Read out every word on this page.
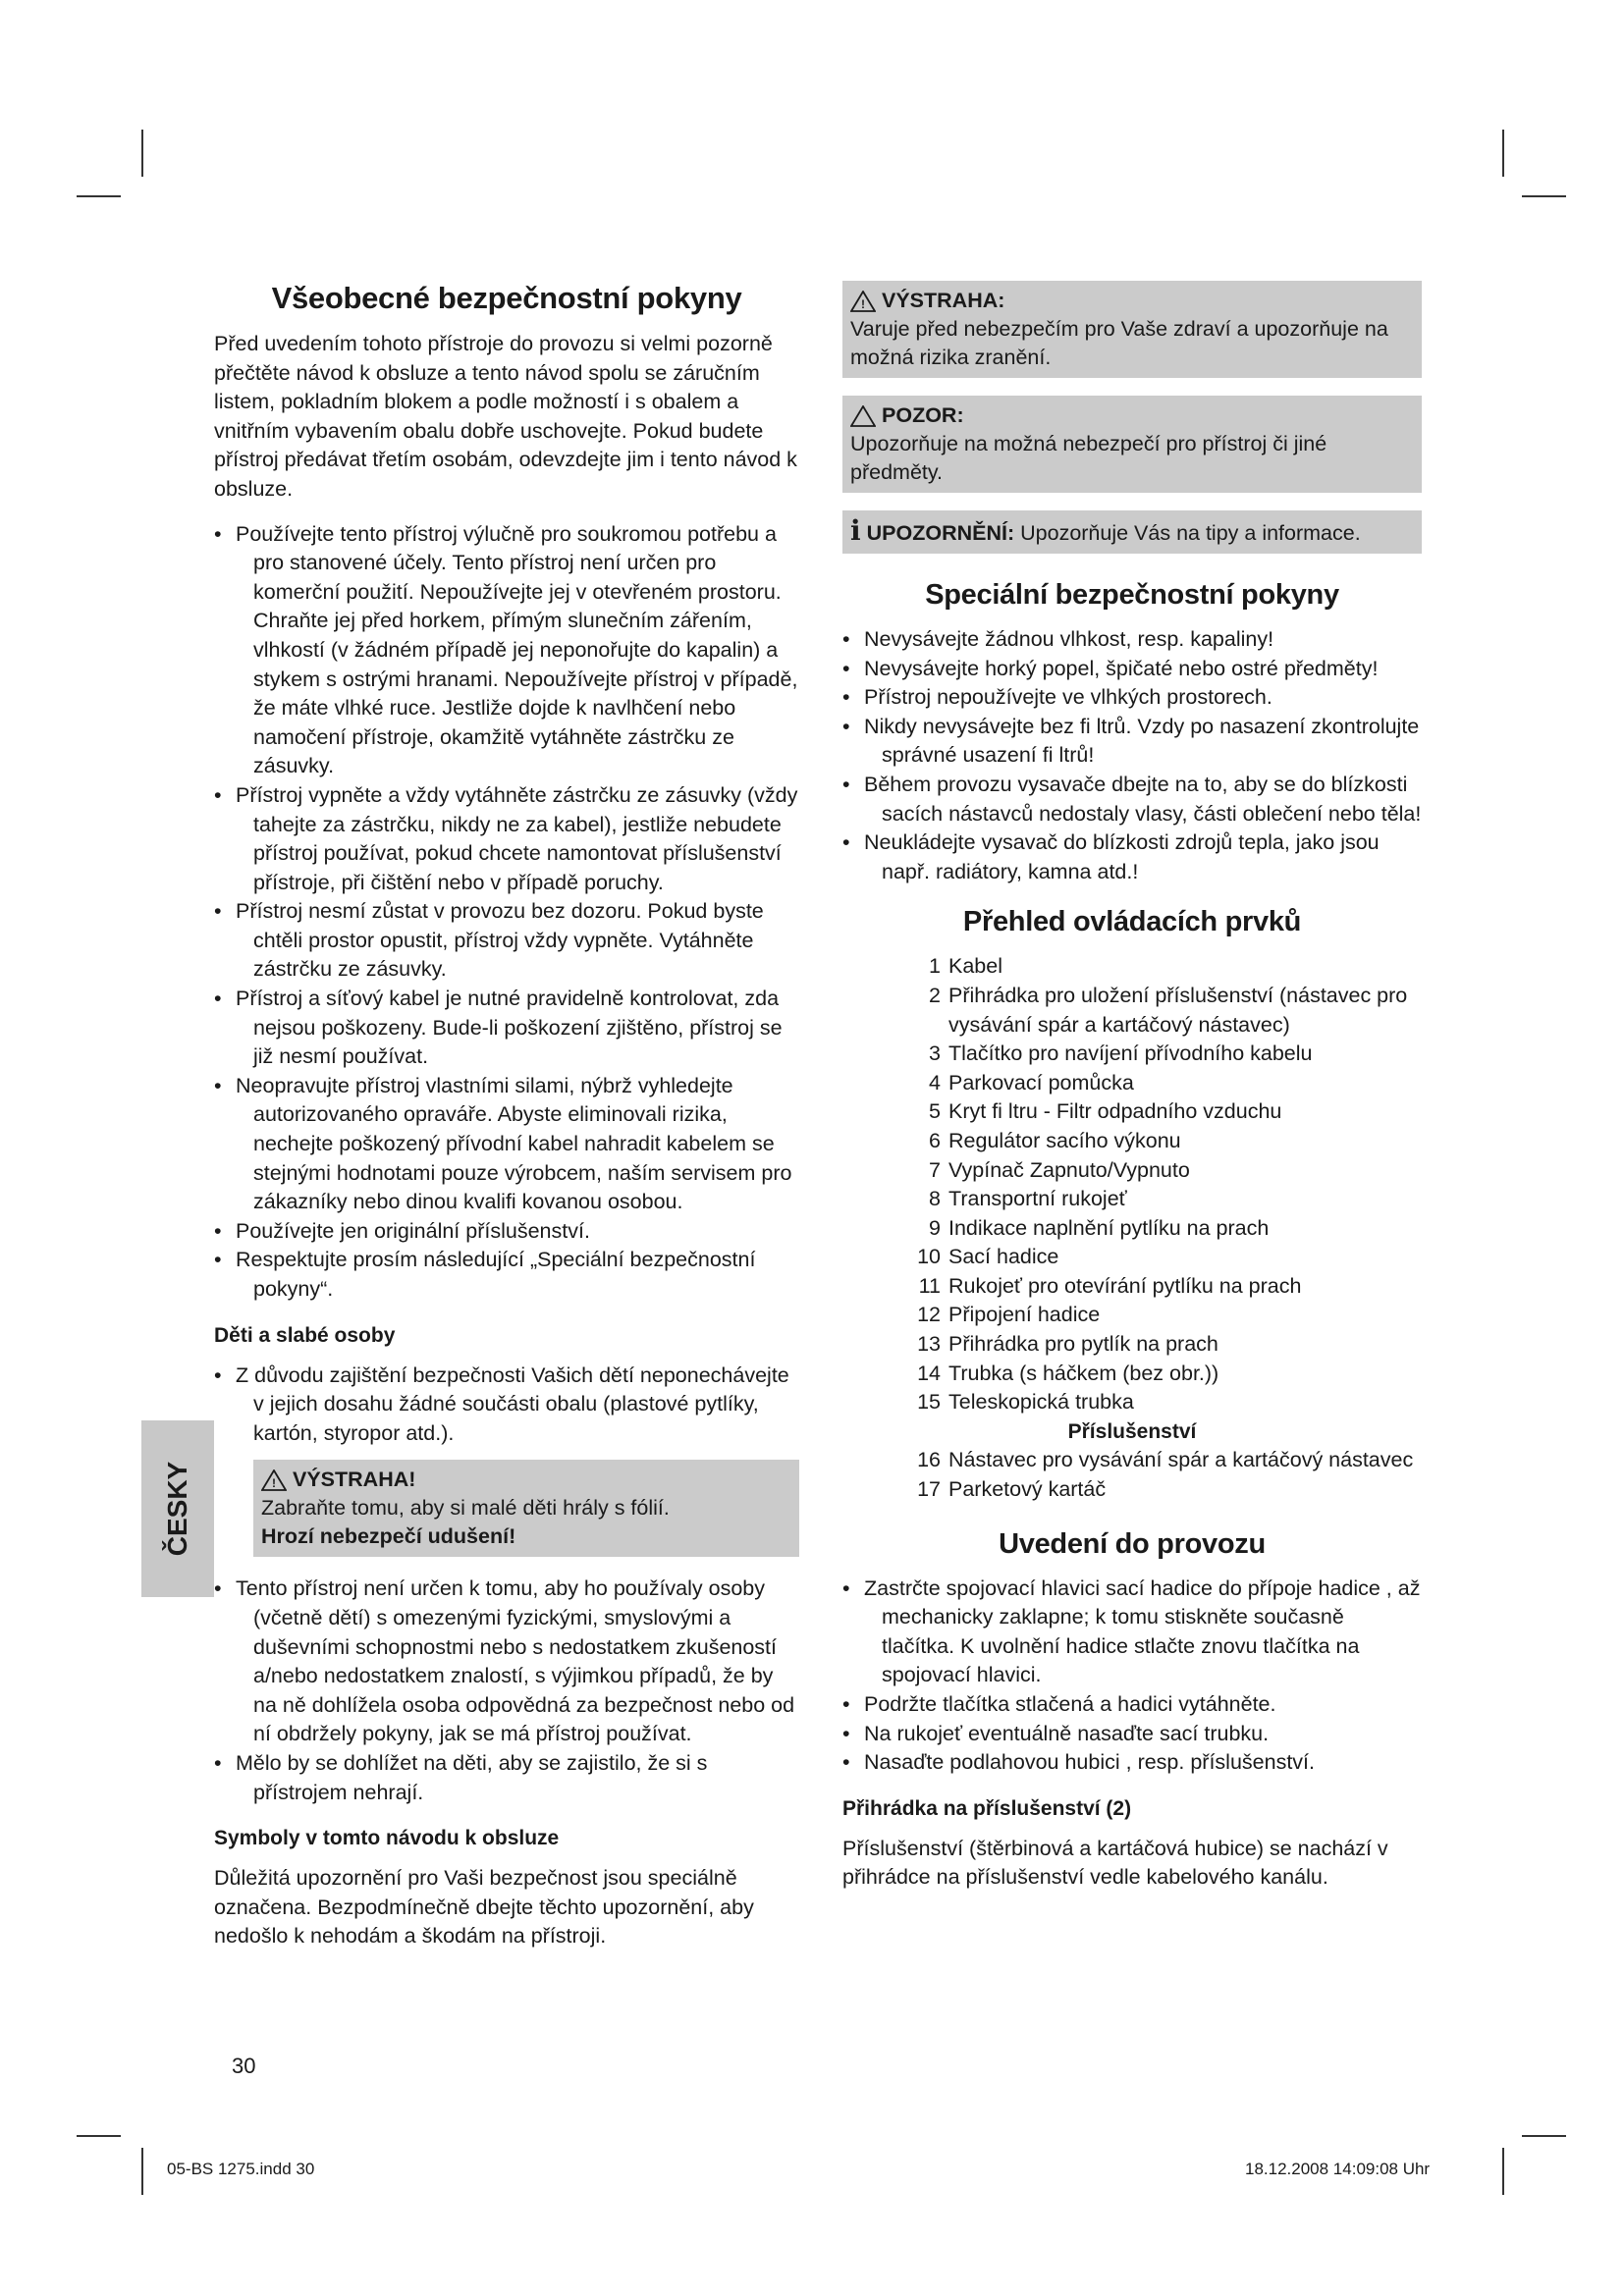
Všeobecné bezpečnostní pokyny

Před uvedením tohoto přístroje do provozu si velmi pozorně přečtěte návod k obsluze a tento návod spolu se záručním listem, pokladním blokem a podle možností i s obalem a vnitřním vybavením obalu dobře uschovejte. Pokud budete přístroj předávat třetím osobám, odevzdejte jim i tento návod k obsluze.

• Používejte tento přístroj výlučně pro soukromou potřebu a pro stanovené účely. Tento přístroj není určen pro komerční použití. Nepoužívejte jej v otevřeném prostoru. Chraňte jej před horkem, přímým slunečním zářením, vlhkostí (v žádném případě jej neponořujte do kapalin) a stykem s ostrými hranami. Nepoužívejte přístroj v případě, že máte vlhké ruce. Jestliže dojde k navlhčení nebo namočení přístroje, okamžitě vytáhněte zástrčku ze zásuvky.
• Přístroj vypněte a vždy vytáhněte zástrčku ze zásuvky (vždy tahejte za zástrčku, nikdy ne za kabel), jestliže nebudete přístroj používat, pokud chcete namontovat příslušenství přístroje, při čištění nebo v případě poruchy.
• Přístroj nesmí zůstat v provozu bez dozoru. Pokud byste chtěli prostor opustit, přístroj vždy vypněte. Vytáhněte zástrčku ze zásuvky.
• Přístroj a síťový kabel je nutné pravidelně kontrolovat, zda nejsou poškozeny. Bude-li poškození zjištěno, přístroj se již nesmí používat.
• Neopravujte přístroj vlastními silami, nýbrž vyhledejte autorizovaného opraváře. Abyste eliminovali rizika, nechejte poškozený přívodní kabel nahradit kabelem se stejnými hodnotami pouze výrobcem, naším servisem pro zákazníky nebo dinou kvalifi kovanou osobou.
• Používejte jen originální příslušenství.
• Respektujte prosím následující „Speciální bezpečnostní pokyny“.
Děti a slabé osoby
• Z důvodu zajištění bezpečnosti Vašich dětí neponechávejte v jejich dosahu žádné součásti obalu (plastové pytlíky, kartón, styropor atd.).
! VÝSTRAHA!
Zabraňte tomu, aby si malé děti hrály s fólií.
Hrozí nebezpečí udušení!
• Tento přístroj není určen k tomu, aby ho používaly osoby (včetně dětí) s omezenými fyzickými, smyslovými a duševními schopnostmi nebo s nedostatkem zkušeností a/nebo nedostatkem znalostí, s výjimkou případů, že by na ně dohlížela osoba odpovědná za bezpečnost nebo od ní obdržely pokyny, jak se má přístroj používat.
• Mělo by se dohlížet na děti, aby se zajistilo, že si s přístrojem nehrají.
Symboly v tomto návodu k obsluze

Důležitá upozornění pro Vaši bezpečnost jsou speciálně označena. Bezpodmínečně dbejte těchto upozornění, aby nedošlo k nehodám a škodám na přístroji.

! VÝSTRAHA:
Varuje před nebezpečím pro Vaše zdraví a upozorňuje na možná rizika zranění.
POZOR:
Upozorňuje na možná nebezpečí pro přístroj či jiné předměty.
i UPOZORNĚNÍ: Upozorňuje Vás na tipy a informace.
Speciální bezpečnostní pokyny
• Nevysávejte žádnou vlhkost, resp. kapaliny!
• Nevysávejte horký popel, špičaté nebo ostré předměty!
• Přístroj nepoužívejte ve vlhkých prostorech.
• Nikdy nevysávejte bez fi ltrů. Vzdy po nasazení zkontrolujte správné usazení fi ltrů!
• Během provozu vysavače dbejte na to, aby se do blízkosti sacích nástavců nedostaly vlasy, části oblečení nebo těla!
• Neukládejte vysavač do blízkosti zdrojů tepla, jako jsou např. radiátory, kamna atd.!
Přehled ovládacích prvků
1 Kabel
2 Přihrádka pro uložení příslušenství (nástavec pro vysávání spár a kartáčový nástavec)
3 Tlačítko pro navíjení přívodního kabelu
4 Parkovací pomůcka
5 Kryt fi ltru - Filtr odpadního vzduchu
6 Regulátor sacího výkonu
7 Vypínač Zapnuto/Vypnuto
8 Transportní rukojeť
9 Indikace naplnění pytlíku na prach
10 Sací hadice
11 Rukojeť pro otevírání pytlíku na prach
12 Připojení hadice
13 Přihrádka pro pytlík na prach
14 Trubka (s háčkem (bez obr.))
15 Teleskopická trubka
Příslušenství
16 Nástavec pro vysávání spár a kartáčový nástavec
17 Parketový kartáč
Uvedení do provozu
• Zastrčte spojovací hlavici sací hadice do přípoje hadice , až mechanicky zaklapne; k tomu stiskněte současně tlačítka. K uvolnění hadice stlačte znovu tlačítka na spojovací hlavici.
• Podržte tlačítka stlačená a hadici vytáhněte.
• Na rukojeť eventuálně nasaďte sací trubku.
• Nasaďte podlahovou hubici , resp. příslušenství.
Přihrádka na příslušenství (2)

Příslušenství (štěrbinová a kartáčová hubice) se nachází v přihrádce na příslušenství vedle kabelového kanálu.

ČESKY
30
05-BS 1275.indd 30	18.12.2008 14:09:08 Uhr
